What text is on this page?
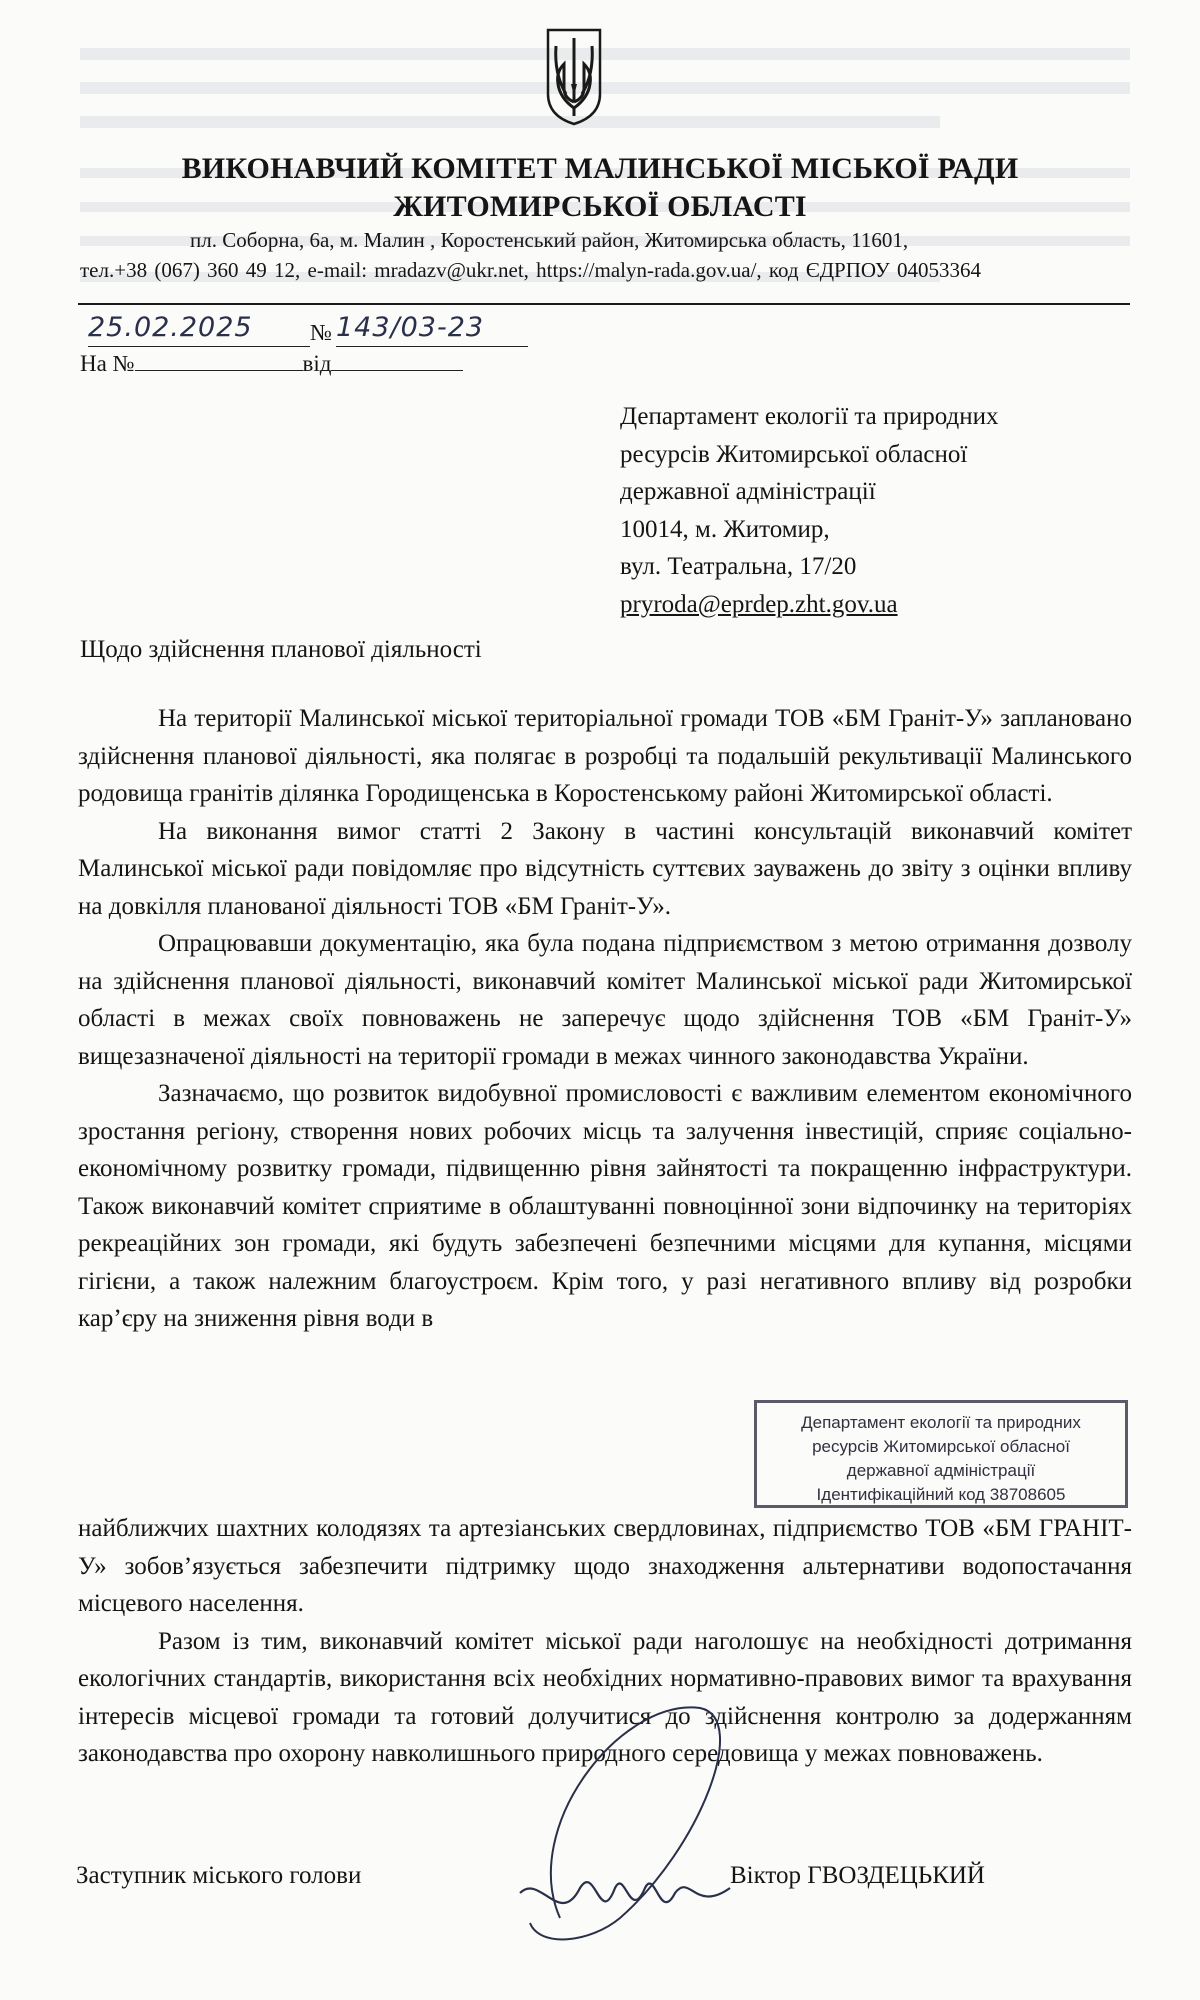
ВИКОНАВЧИЙ КОМІТЕТ МАЛИНСЬКОЇ МІСЬКОЇ РАДИ
ЖИТОМИРСЬКОЇ ОБЛАСТІ
пл. Соборна, 6а, м. Малин , Коростенський район, Житомирська область, 11601,
тел.+38 (067) 360 49 12, e-mail: mradazv@ukr.net, https://malyn-rada.gov.ua/, код ЄДРПОУ 04053364
25.02.2025	№ 143/03-23
На №	від
Департамент екології та природних
ресурсів Житомирської обласної
державної адміністрації
10014, м. Житомир,
вул. Театральна, 17/20
pryroda@eprdep.zht.gov.ua
Щодо здійснення планової діяльності

На території Малинської міської територіальної громади ТОВ «БМ Граніт-У» заплановано здійснення планової діяльності, яка полягає в розробці та подальшій рекультивації Малинського родовища гранітів ділянка Городищенська в Коростенському районі Житомирської області.

На виконання вимог статті 2 Закону в частині консультацій виконавчий комітет Малинської міської ради повідомляє про відсутність суттєвих зауважень до звіту з оцінки впливу на довкілля планованої діяльності ТОВ «БМ Граніт-У».

Опрацювавши документацію, яка була подана підприємством з метою отримання дозволу на здійснення планової діяльності, виконавчий комітет Малинської міської ради Житомирської області в межах своїх повноважень не заперечує щодо здійснення ТОВ «БМ Граніт-У» вищезазначеної діяльності на території громади в межах чинного законодавства України.

Зазначаємо, що розвиток видобувної промисловості є важливим елементом економічного зростання регіону, створення нових робочих місць та залучення інвестицій, сприяє соціально-економічному розвитку громади, підвищенню рівня зайнятості та покращенню інфраструктури. Також виконавчий комітет сприятиме в облаштуванні повноцінної зони відпочинку на територіях рекреаційних зон громади, які будуть забезпечені безпечними місцями для купання, місцями гігієни, а також належним благоустроєм. Крім того, у разі негативного впливу від розробки кар’єру на зниження рівня води в

Департамент екології та природних
ресурсів Житомирської обласної
державної адміністрації
Ідентифікаційний код 38708605

найближчих шахтних колодязях та артезіанських свердловинах, підприємство ТОВ «БМ ГРАНІТ-У» зобов’язується забезпечити підтримку щодо знаходження альтернативи водопостачання місцевого населення.

Разом із тим, виконавчий комітет міської ради наголошує на необхідності дотримання екологічних стандартів, використання всіх необхідних нормативно-правових вимог та врахування інтересів місцевої громади та готовий долучитися до здійснення контролю за додержанням законодавства про охорону навколишнього природного середовища у межах повноважень.

Заступник міського голови	Віктор ГВОЗДЕЦЬКИЙ
